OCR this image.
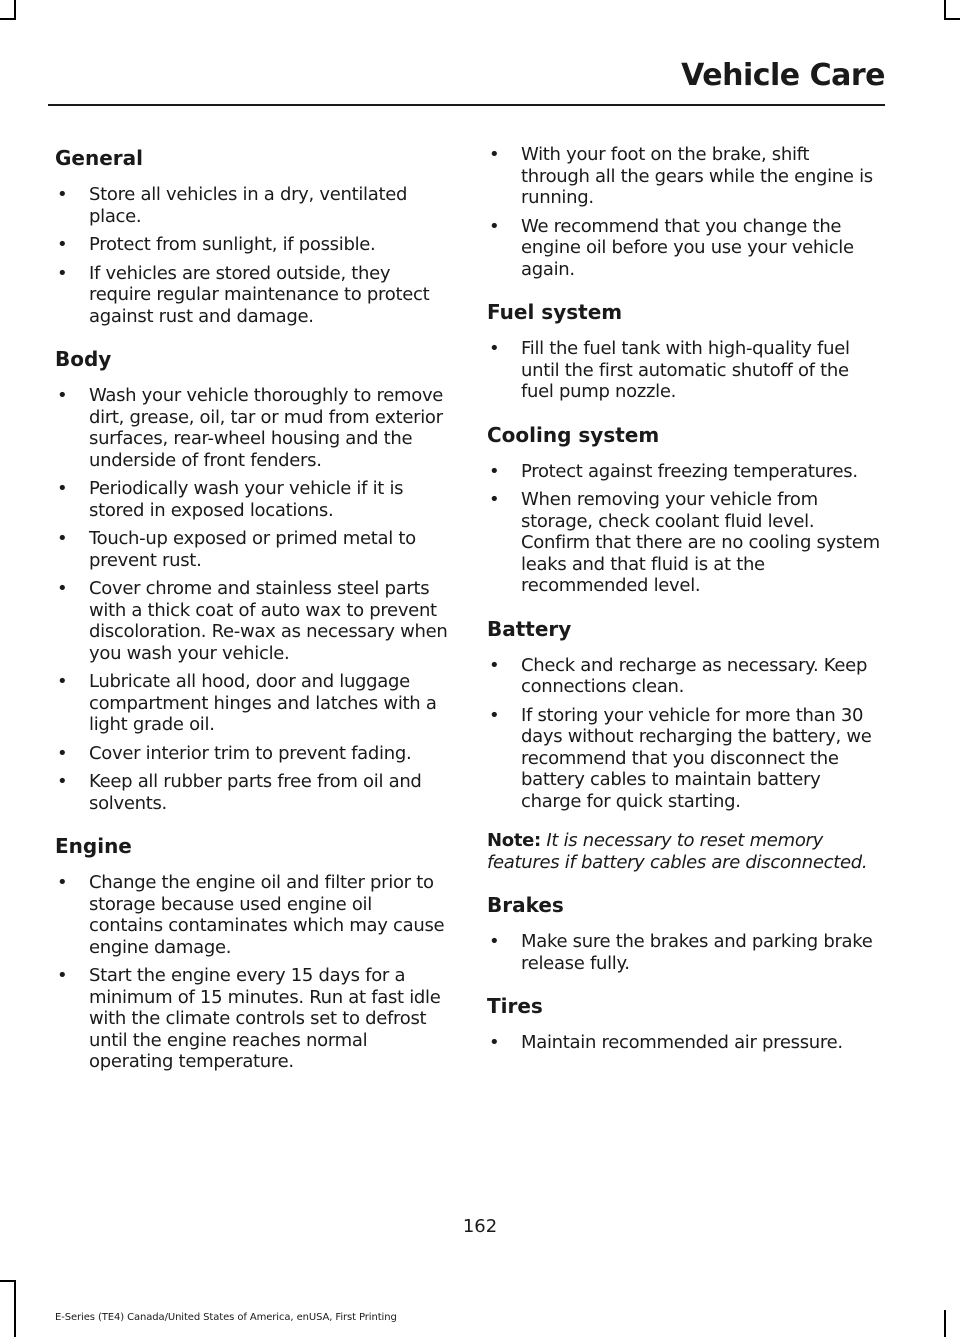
Vehicle Care
General
• Store all vehicles in a dry, ventilated place.
• Protect from sunlight, if possible.
• If vehicles are stored outside, they require regular maintenance to protect against rust and damage.
Body
• Wash your vehicle thoroughly to remove dirt, grease, oil, tar or mud from exterior surfaces, rear-wheel housing and the underside of front fenders.
• Periodically wash your vehicle if it is stored in exposed locations.
• Touch-up exposed or primed metal to prevent rust.
• Cover chrome and stainless steel parts with a thick coat of auto wax to prevent discoloration. Re-wax as necessary when you wash your vehicle.
• Lubricate all hood, door and luggage compartment hinges and latches with a light grade oil.
• Cover interior trim to prevent fading.
• Keep all rubber parts free from oil and solvents.
Engine
• Change the engine oil and filter prior to storage because used engine oil contains contaminates which may cause engine damage.
• Start the engine every 15 days for a minimum of 15 minutes. Run at fast idle with the climate controls set to defrost until the engine reaches normal operating temperature.
• With your foot on the brake, shift through all the gears while the engine is running.
• We recommend that you change the engine oil before you use your vehicle again.
Fuel system
• Fill the fuel tank with high-quality fuel until the first automatic shutoff of the fuel pump nozzle.
Cooling system
• Protect against freezing temperatures.
• When removing your vehicle from storage, check coolant fluid level. Confirm that there are no cooling system leaks and that fluid is at the recommended level.
Battery
• Check and recharge as necessary. Keep connections clean.
• If storing your vehicle for more than 30 days without recharging the battery, we recommend that you disconnect the battery cables to maintain battery charge for quick starting.

Note: It is necessary to reset memory features if battery cables are disconnected.

Brakes
• Make sure the brakes and parking brake release fully.
Tires
• Maintain recommended air pressure.
162
E-Series (TE4) Canada/United States of America, enUSA, First Printing
